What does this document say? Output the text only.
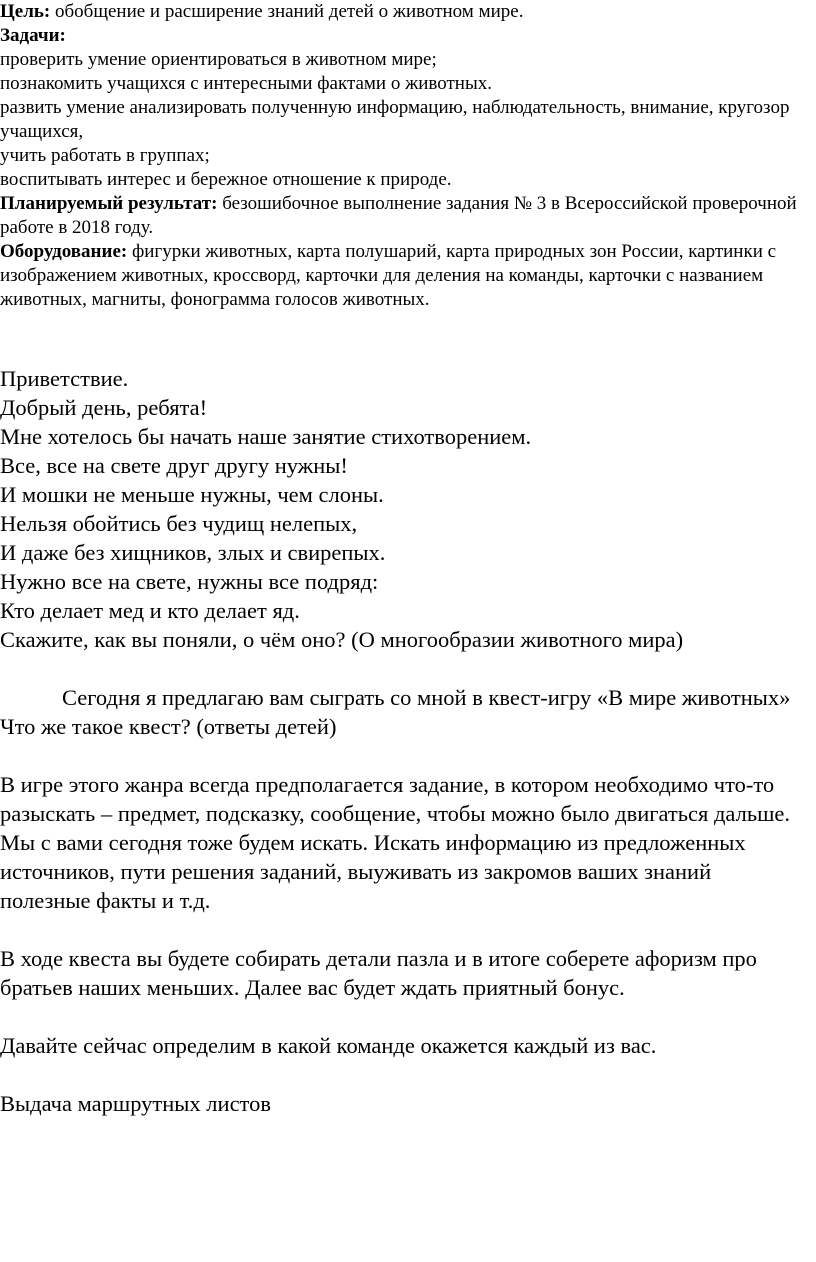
Цель: обобщение и расширение знаний детей о животном мире.

Задачи:

проверить умение ориентироваться в животном мире;

познакомить учащихся с интересными фактами о животных.

развить умение анализировать полученную информацию, наблюдательность, внимание, кругозор учащихся,

учить работать в группах;

воспитывать интерес и бережное отношение к природе.

Планируемый результат: безошибочное выполнение задания № 3 в Всероссийской проверочной работе в 2018 году.

Оборудование: фигурки животных, карта полушарий, карта природных зон России, картинки с изображением животных, кроссворд, карточки для деления на команды, карточки с названием животных, магниты, фонограмма голосов животных.

Приветствие.

Добрый день, ребята!

Мне хотелось бы начать наше занятие стихотворением.

Все, все на свете друг другу нужны!

И мошки не меньше нужны, чем слоны.

Нельзя обойтись без чудищ нелепых,

И даже без хищников, злых и свирепых.

Нужно все на свете, нужны все подряд:

Кто делает мед и кто делает яд.

Скажите, как вы поняли, о чём оно? (О многообразии животного мира)

Сегодня я предлагаю вам сыграть со мной в квест-игру «В мире животных»

Что же такое квест? (ответы детей)

В игре этого жанра всегда предполагается задание, в котором необходимо что-то разыскать – предмет, подсказку, сообщение, чтобы можно было двигаться дальше.

Мы с вами сегодня тоже будем искать. Искать информацию из предложенных источников, пути решения заданий, выуживать из закромов ваших знаний полезные факты и т.д.

В ходе квеста вы будете собирать детали пазла и в итоге соберете афоризм про братьев наших меньших. Далее вас будет ждать приятный бонус.

Давайте сейчас определим в какой команде окажется каждый из вас.

Выдача маршрутных листов
